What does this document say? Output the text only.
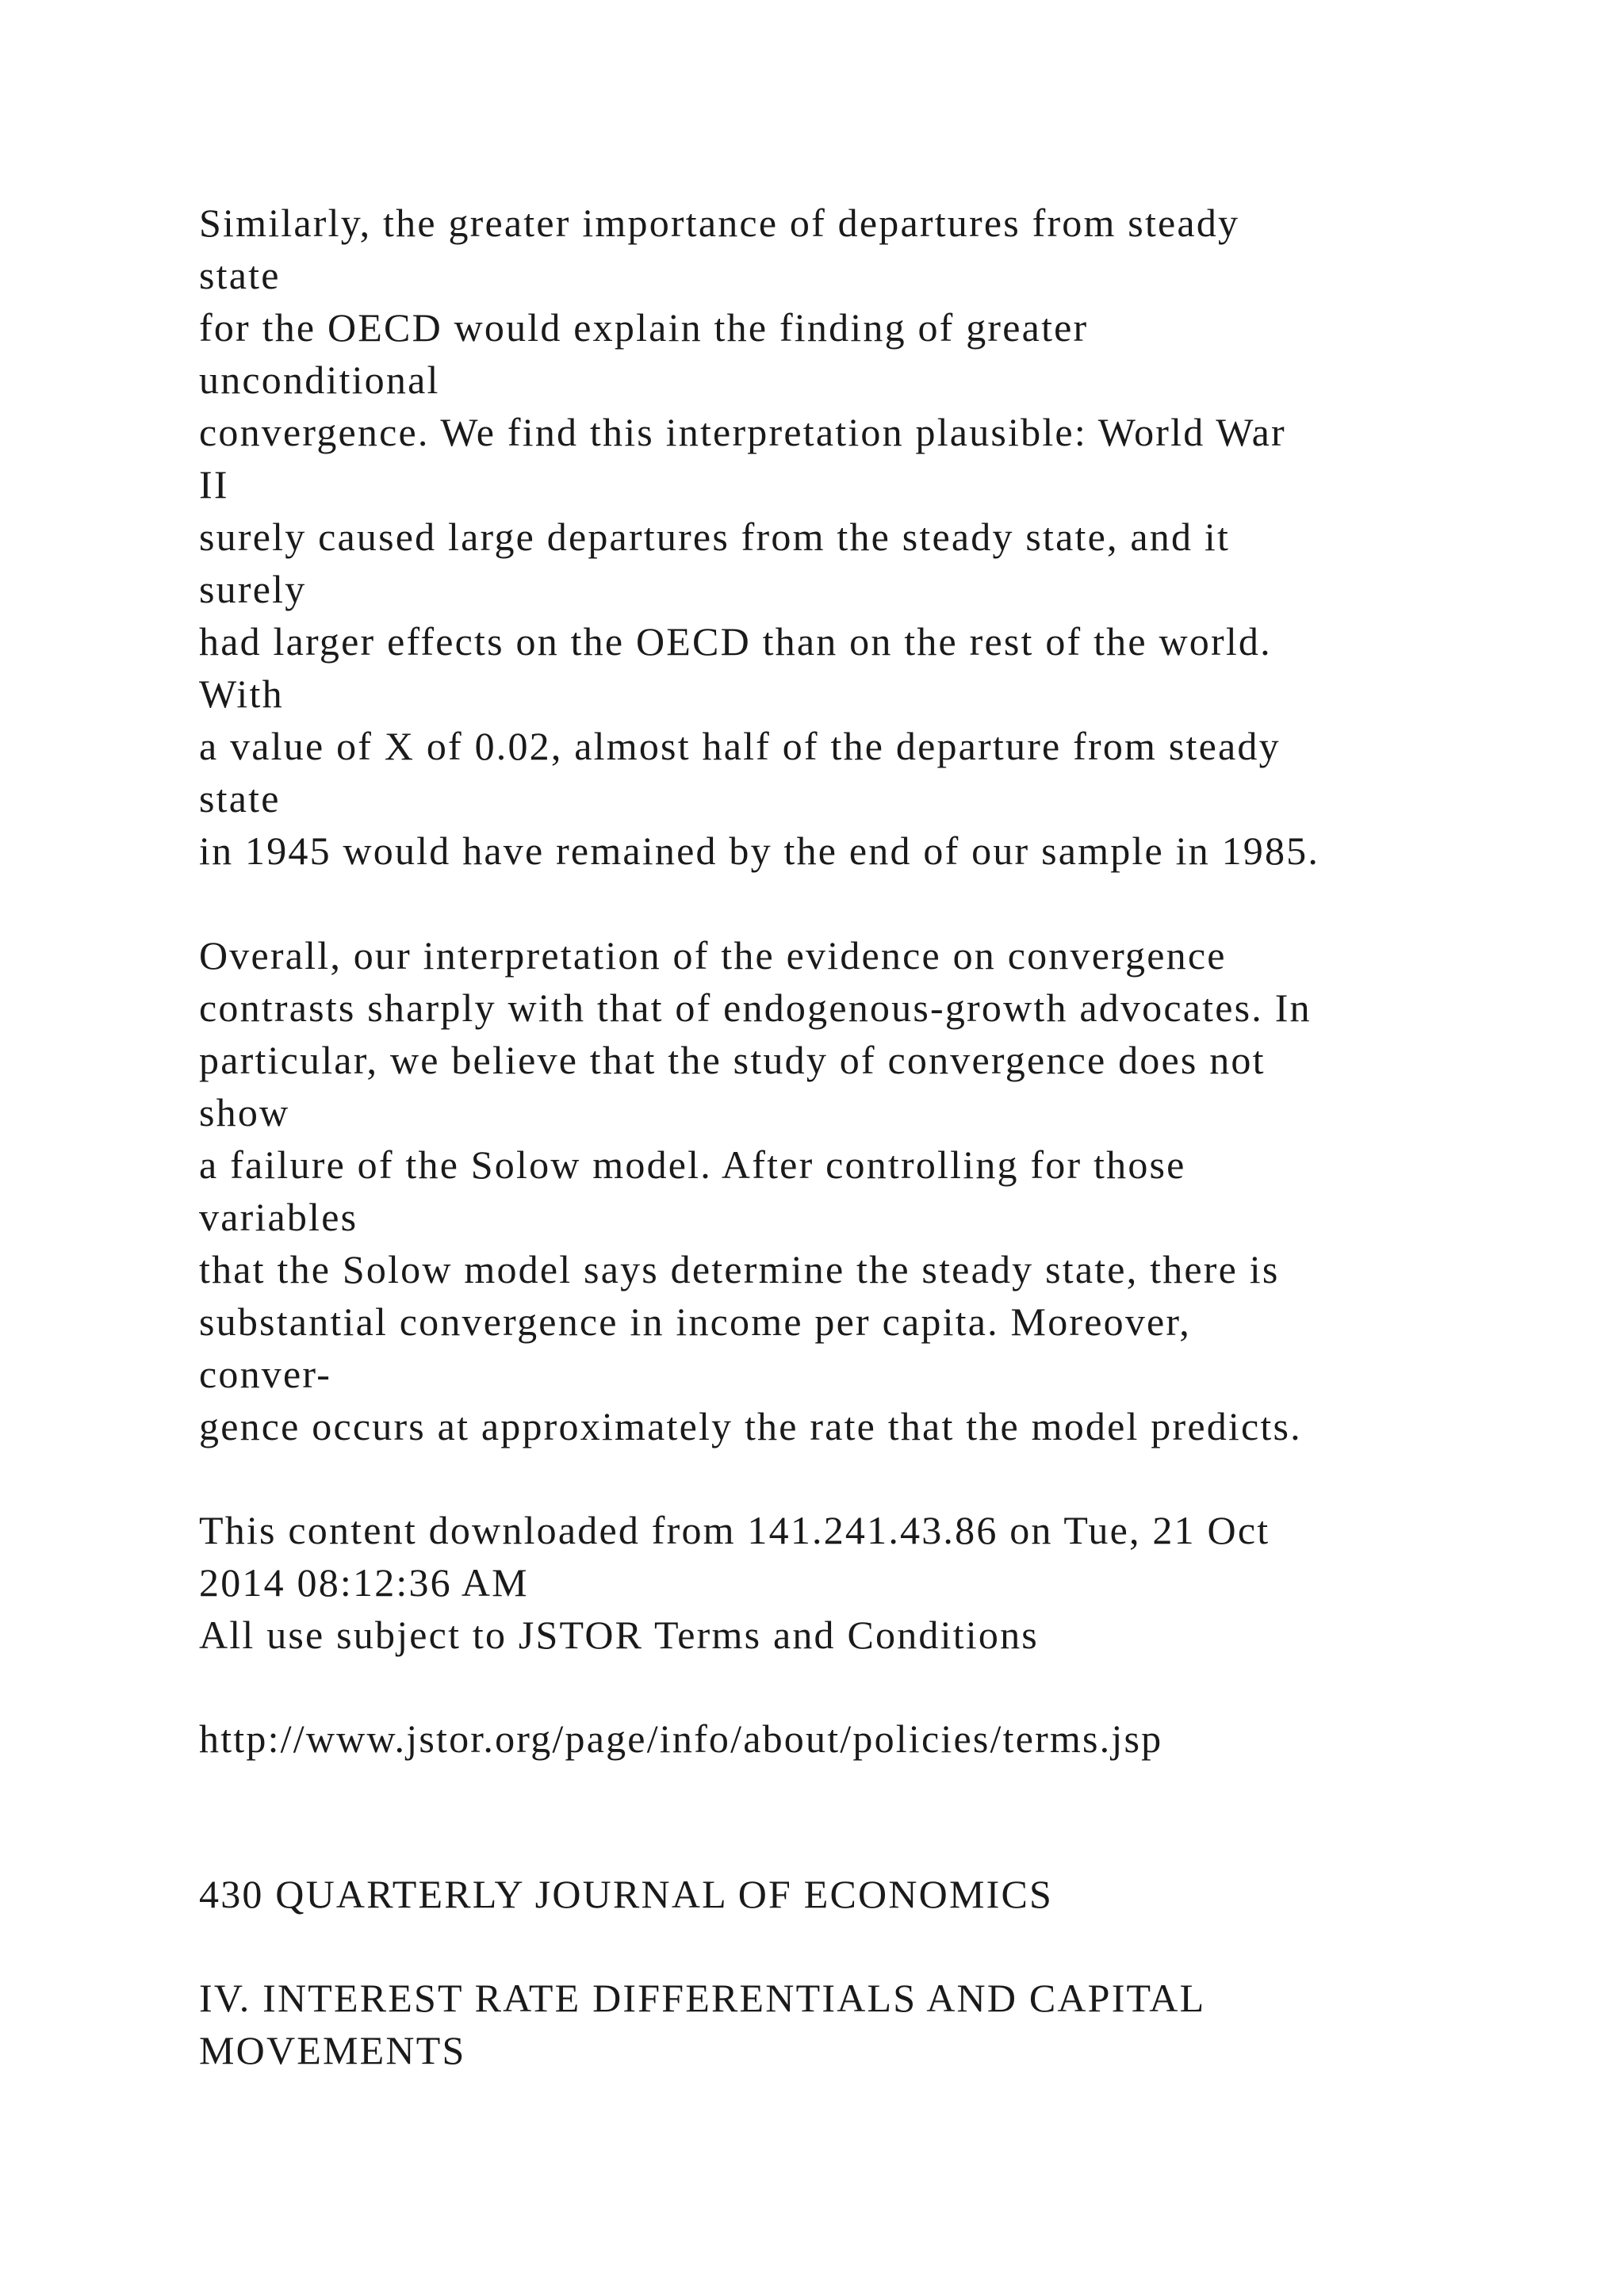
Similarly, the greater importance of departures from steady
state
for the OECD would explain the finding of greater
unconditional
convergence. We find this interpretation plausible: World War
II
surely caused large departures from the steady state, and it
surely
had larger effects on the OECD than on the rest of the world.
With
a value of X of 0.02, almost half of the departure from steady
state
in 1945 would have remained by the end of our sample in 1985.
Overall, our interpretation of the evidence on convergence
contrasts sharply with that of endogenous-growth advocates. In
particular, we believe that the study of convergence does not
show
a failure of the Solow model. After controlling for those
variables
that the Solow model says determine the steady state, there is
substantial convergence in income per capita. Moreover,
conver-
gence occurs at approximately the rate that the model predicts.
This content downloaded from 141.241.43.86 on Tue, 21 Oct
2014 08:12:36 AM
All use subject to JSTOR Terms and Conditions
http://www.jstor.org/page/info/about/policies/terms.jsp
430 QUARTERLY JOURNAL OF ECONOMICS
IV. INTEREST RATE DIFFERENTIALS AND CAPITAL
MOVEMENTS
